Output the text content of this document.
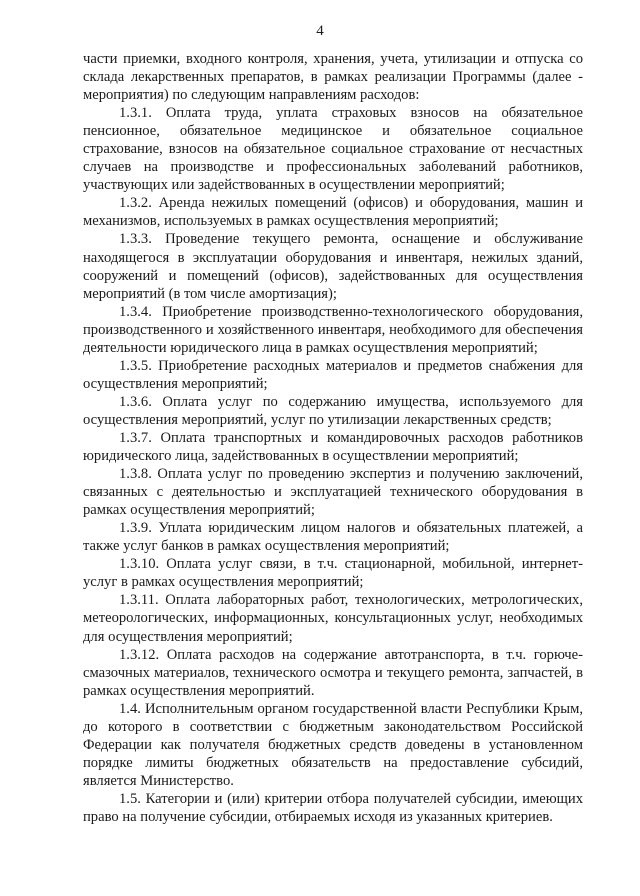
4

части приемки, входного контроля, хранения, учета, утилизации и отпуска со склада лекарственных препаратов, в рамках реализации Программы (далее - мероприятия) по следующим направлениям расходов:

1.3.1. Оплата труда, уплата страховых взносов на обязательное пенсионное, обязательное медицинское и обязательное социальное страхование, взносов на обязательное социальное страхование от несчастных случаев на производстве и профессиональных заболеваний работников, участвующих или задействованных в осуществлении мероприятий;

1.3.2. Аренда нежилых помещений (офисов) и оборудования, машин и механизмов, используемых в рамках осуществления мероприятий;

1.3.3. Проведение текущего ремонта, оснащение и обслуживание находящегося в эксплуатации оборудования и инвентаря, нежилых зданий, сооружений и помещений (офисов), задействованных для осуществления мероприятий (в том числе амортизация);

1.3.4. Приобретение производственно-технологического оборудования, производственного и хозяйственного инвентаря, необходимого для обеспечения деятельности юридического лица в рамках осуществления мероприятий;

1.3.5. Приобретение расходных материалов и предметов снабжения для осуществления мероприятий;

1.3.6. Оплата услуг по содержанию имущества, используемого для осуществления мероприятий, услуг по утилизации лекарственных средств;

1.3.7. Оплата транспортных и командировочных расходов работников юридического лица, задействованных в осуществлении мероприятий;

1.3.8. Оплата услуг по проведению экспертиз и получению заключений, связанных с деятельностью и эксплуатацией технического оборудования в рамках осуществления мероприятий;

1.3.9. Уплата юридическим лицом налогов и обязательных платежей, а также услуг банков в рамках осуществления мероприятий;

1.3.10. Оплата услуг связи, в т.ч. стационарной, мобильной, интернет-услуг в рамках осуществления мероприятий;

1.3.11. Оплата лабораторных работ, технологических, метрологических, метеорологических, информационных, консультационных услуг, необходимых для осуществления мероприятий;

1.3.12. Оплата расходов на содержание автотранспорта, в т.ч. горюче-смазочных материалов, технического осмотра и текущего ремонта, запчастей, в рамках осуществления мероприятий.

1.4. Исполнительным органом государственной власти Республики Крым, до которого в соответствии с бюджетным законодательством Российской Федерации как получателя бюджетных средств доведены в установленном порядке лимиты бюджетных обязательств на предоставление субсидий, является Министерство.

1.5. Категории и (или) критерии отбора получателей субсидии, имеющих право на получение субсидии, отбираемых исходя из указанных критериев.
